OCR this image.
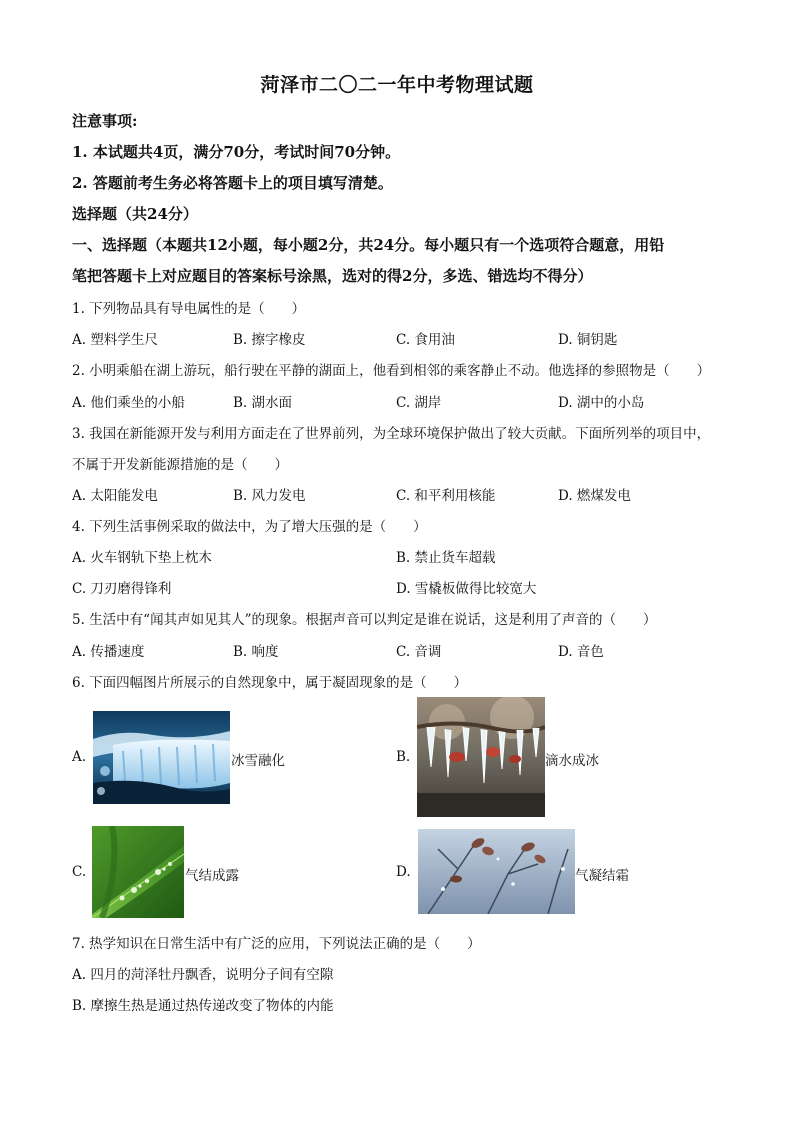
菏泽市二〇二一年中考物理试题
注意事项:
1. 本试题共4页，满分70分，考试时间70分钟。
2. 答题前考生务必将答题卡上的项目填写清楚。
选择题（共24分）
一、选择题（本题共12小题，每小题2分，共24分。每小题只有一个选项符合题意，用铅
笔把答题卡上对应题目的答案标号涂黑，选对的得2分，多选、错选均不得分）
1. 下列物品具有导电属性的是（　　）
A. 塑料学生尺	B. 擦字橡皮	C. 食用油	D. 铜钥匙
2. 小明乘船在湖上游玩，船行驶在平静的湖面上，他看到相邻的乘客静止不动。他选择的参照物是（　　）
A. 他们乘坐的小船	B. 湖水面	C. 湖岸	D. 湖中的小岛
3. 我国在新能源开发与利用方面走在了世界前列，为全球环境保护做出了较大贡献。下面所列举的项目中，
不属于开发新能源措施的是（　　）
A. 太阳能发电	B. 风力发电	C. 和平利用核能	D. 燃煤发电
4. 下列生活事例采取的做法中，为了增大压强的是（　　）
A. 火车钢轨下垫上枕木	B. 禁止货车超载
C. 刀刃磨得锋利	D. 雪橇板做得比较宽大
5. 生活中有“闻其声如见其人”的现象。根据声音可以判定是谁在说话，这是利用了声音的（　　）
A. 传播速度	B. 响度	C. 音调	D. 音色
6. 下面四幅图片所展示的自然现象中，属于凝固现象的是（　　）
A.	冰雪融化	B.	滴水成冰
C.	气结成露	D.	气凝结霜
7. 热学知识在日常生活中有广泛的应用，下列说法正确的是（　　）
A. 四月的菏泽牡丹飘香，说明分子间有空隙
B. 摩擦生热是通过热传递改变了物体的内能
